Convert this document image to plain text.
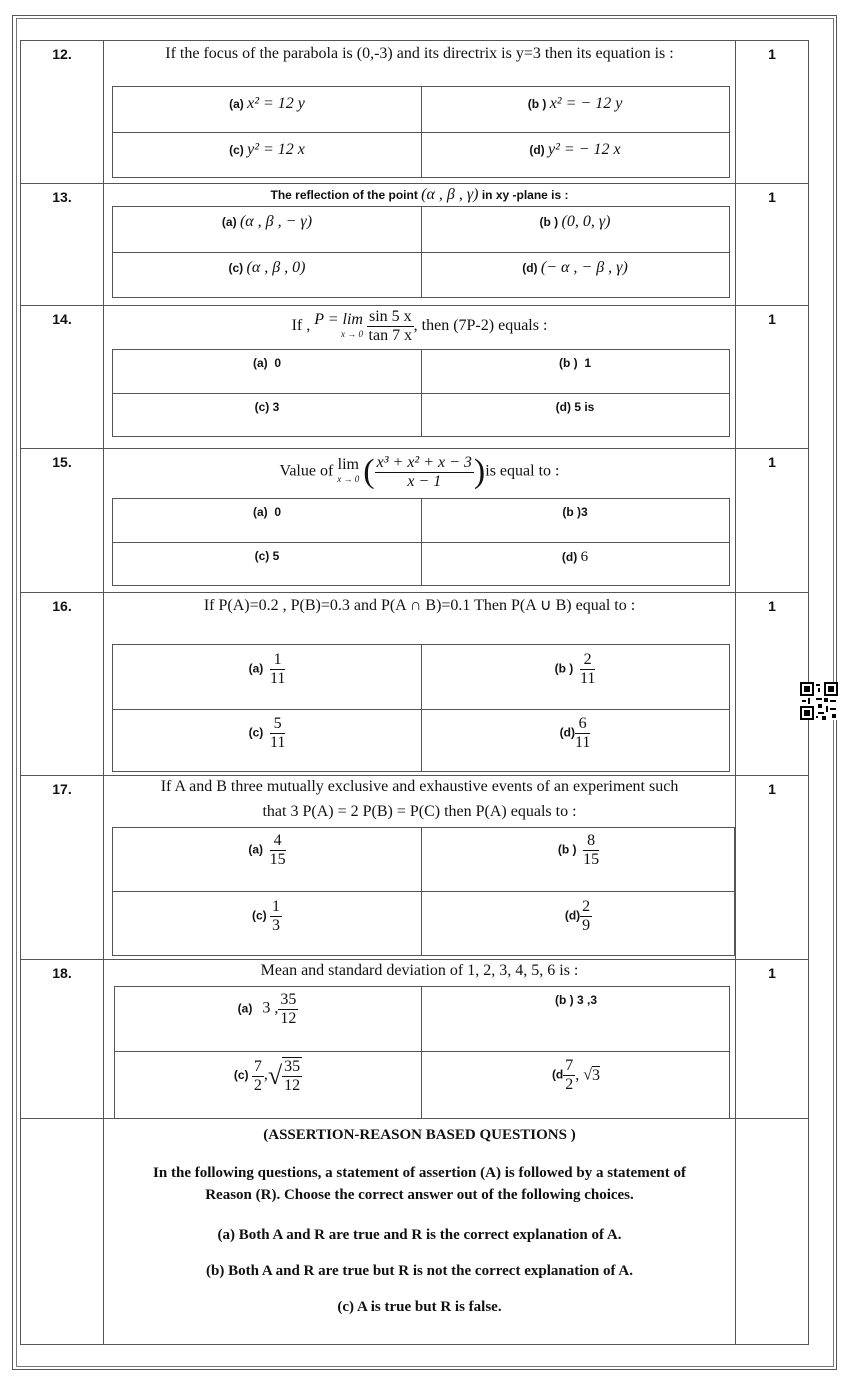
12.	If the focus of the parabola is (0,-3) and its directrix is y=3 then its equation is :
(a) x² = 12 y	(b ) x² = − 12 y
(c) y² = 12 x	(d) y² = − 12 x
1
13.	The reflection of the point (α , β , γ) in xy -plane is :
(a) (α , β , − γ)	(b ) (0, 0, γ)
(c) (α , β , 0)	(d) (− α , − β , γ)
1
14.	If , P = lim
x → 0
$\frac{\sin 5 x}{\tan 7 x}$ , then (7P-2) equals :
(a) 0	(b ) 1
(c) 3	(d) 5 is
1
15.
Value of lim
x → 0 ( $\frac{\text{x³ + x² + x − 3}}{x - 1} )is$ equal to :
(a) 0	(b )3
(c) 5	(d) 6
1
16.	If P(A)=0.2 , P(B)=0.3 and P(A ∩ B)=0.1 Then P(A ∪ B) equal to :
$(a) \frac{1}{11}$	(b ) $\frac{2}{11}$
$(c) \frac{5}{11}$	$(d) \frac{6}{11}$
1
17.	If A and B three mutually exclusive and exhaustive events of an experiment such
that 3 P(A) = 2 P(B) = P(C) then P(A) equals to :
$(a) \frac{4}{15}$	(b ) $\frac{8}{15}$
$(c) \frac{1}{3}$	$(d) \frac{2}{9}$
1
18.	Mean and standard deviation of 1, 2, 3, 4, 5, 6 is :
(a) 3 , $\frac{35}{12}$	(b ) 3 ,3
$(c) \frac{7}{2}$ ,√ $\frac{35}{12}$	($d \frac{7}{2}$ , √3
1
(ASSERTION-REASON BASED QUESTIONS )
In the following questions, a statement of assertion (A) is followed by a statement of
Reason (R). Choose the correct answer out of the following choices.
(a) Both A and R are true and R is the correct explanation of A.
(b) Both A and R are true but R is not the correct explanation of A.
(c) A is true but R is false.
